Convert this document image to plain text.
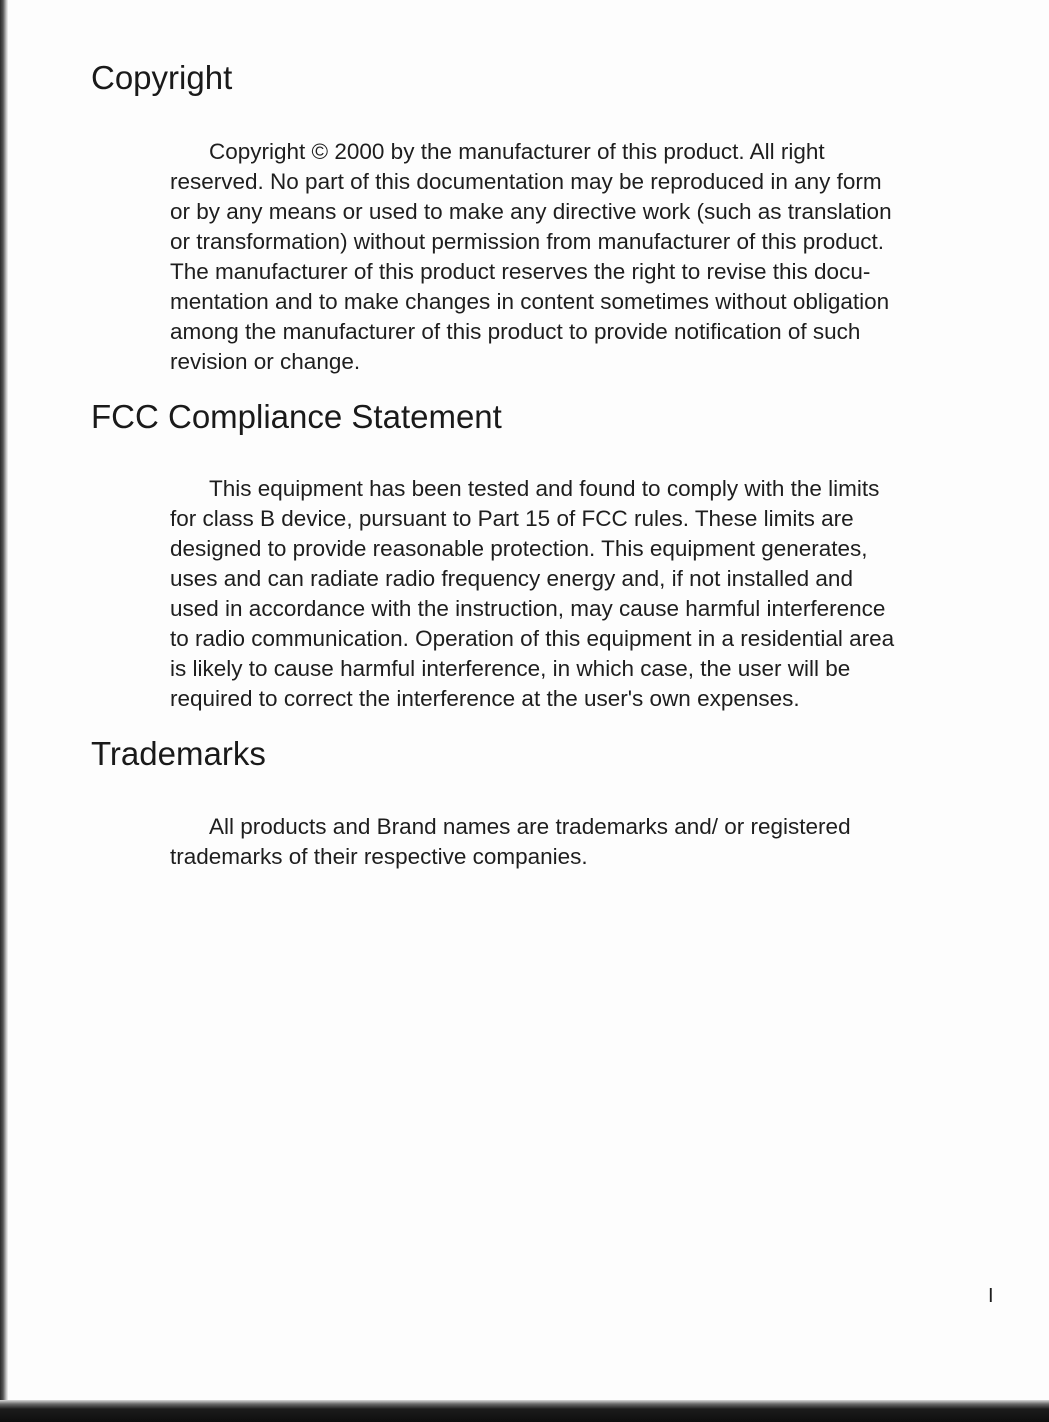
Copyright

Copyright © 2000 by the manufacturer of this product. All right
reserved. No part of this documentation may be reproduced in any form
or by any means or used to make any directive work (such as translation
or transformation) without permission from manufacturer of this product.
The manufacturer of this product reserves the right to revise this docu-
mentation and to make changes in content sometimes without obligation
among the manufacturer of this product to provide notification of such
revision or change.

FCC Compliance Statement

This equipment has been tested and found to comply with the limits
for class B device, pursuant to Part 15 of FCC rules. These limits are
designed to provide reasonable protection. This equipment generates,
uses and can radiate radio frequency energy and, if not installed and
used in accordance with the instruction, may cause harmful interference
to radio communication. Operation of this equipment in a residential area
is likely to cause harmful interference, in which case, the user will be
required to correct the interference at the user's own expenses.

Trademarks

All products and Brand names are trademarks and/ or registered
trademarks of their respective companies.

I
